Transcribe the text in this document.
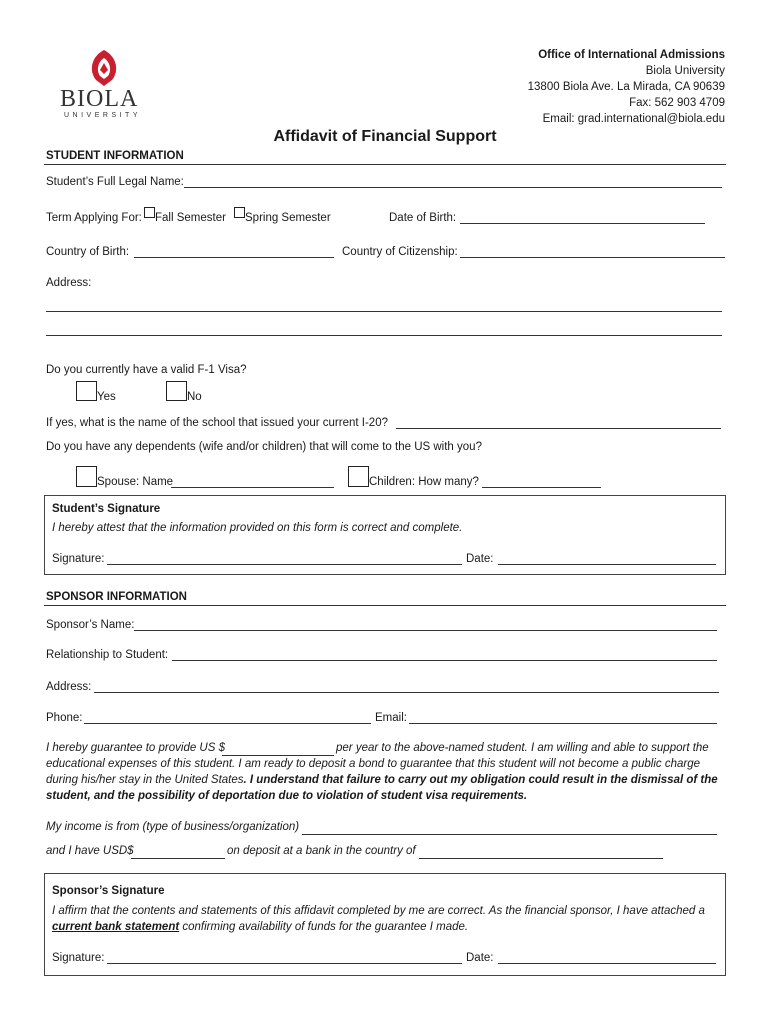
BIOLA
UNIVERSITY
Office of International Admissions
Biola University
13800 Biola Ave. La Mirada, CA 90639
Fax: 562 903 4709
Email: grad.international@biola.edu
Affidavit of Financial Support
STUDENT INFORMATION
Student’s Full Legal Name:
Term Applying For: Fall Semester Spring Semester	Date of Birth:
Country of Birth:	Country of Citizenship:
Address:
Do you currently have a valid F-1 Visa?
Yes	No
If yes, what is the name of the school that issued your current I-20?
Do you have any dependents (wife and/or children) that will come to the US with you?
Spouse: Name	Children: How many?
Student’s Signature
I hereby attest that the information provided on this form is correct and complete.
Signature:	Date:
SPONSOR INFORMATION
Sponsor’s Name:
Relationship to Student:
Address:
Phone:	Email:
I hereby guarantee to provide US $	per year to the above-named student. I am willing and able to support the
educational expenses of this student. I am ready to deposit a bond to guarantee that this student will not become a public charge
during his/her stay in the United States. I understand that failure to carry out my obligation could result in the dismissal of the
student, and the possibility of deportation due to violation of student visa requirements.
My income is from (type of business/organization)
and I have USD$	on deposit at a bank in the country of
Sponsor’s Signature
I affirm that the contents and statements of this affidavit completed by me are correct. As the financial sponsor, I have attached a
current bank statement confirming availability of funds for the guarantee I made.
Signature:	Date:
